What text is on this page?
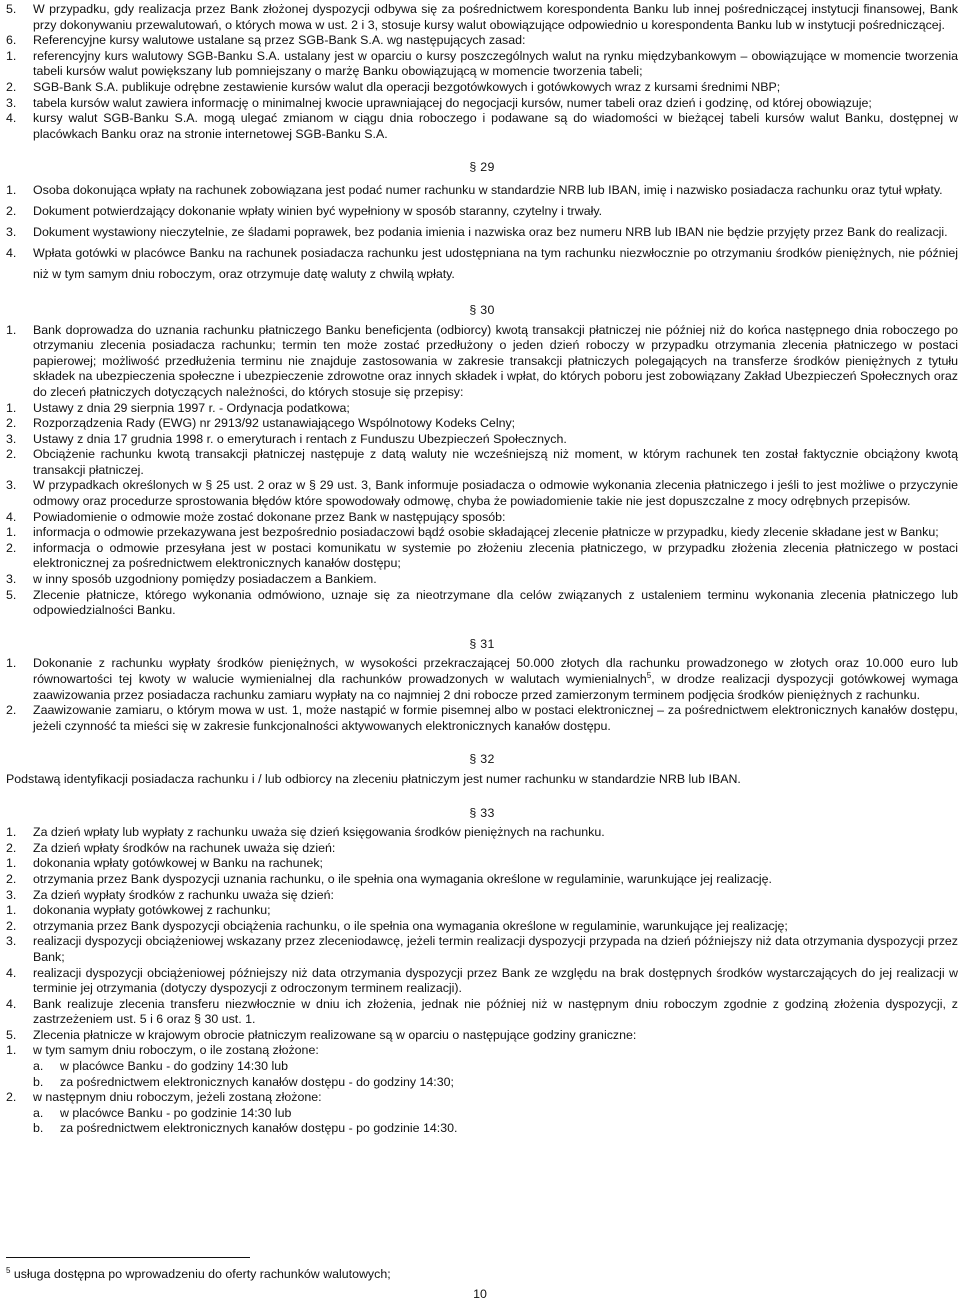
5.	W przypadku, gdy realizacja przez Bank złożonej dyspozycji odbywa się za pośrednictwem korespondenta Banku lub innej pośredniczącej instytucji finansowej, Bank przy dokonywaniu przewalutowań, o których mowa w ust. 2 i 3, stosuje kursy walut obowiązujące odpowiednio u korespondenta Banku lub w instytucji pośredniczącej.
6.	Referencyjne kursy walutowe ustalane są przez SGB-Bank S.A. wg następujących zasad:
1.	referencyjny kurs walutowy SGB-Banku S.A. ustalany jest w oparciu o kursy poszczególnych walut na rynku międzybankowym – obowiązujące w momencie tworzenia tabeli kursów walut powiększany lub pomniejszany o marżę Banku obowiązującą w momencie tworzenia tabeli;
2.	SGB-Bank S.A. publikuje odrębne zestawienie kursów walut dla operacji bezgotówkowych i gotówkowych wraz z kursami średnimi NBP;
3.	tabela kursów walut zawiera informację o minimalnej kwocie uprawniającej do negocjacji kursów, numer tabeli oraz dzień i godzinę, od której obowiązuje;
4.	kursy walut SGB-Banku S.A. mogą ulegać zmianom w ciągu dnia roboczego i podawane są do wiadomości w bieżącej tabeli kursów walut Banku, dostępnej w placówkach Banku oraz na stronie internetowej SGB-Banku S.A.
§ 29
1.	Osoba dokonująca wpłaty na rachunek zobowiązana jest podać numer rachunku w standardzie NRB lub IBAN, imię i nazwisko posiadacza rachunku oraz tytuł wpłaty.
2.	Dokument potwierdzający dokonanie wpłaty winien być wypełniony w sposób staranny, czytelny i trwały.
3.	Dokument wystawiony nieczytelnie, ze śladami poprawek, bez podania imienia i nazwiska oraz bez numeru NRB lub IBAN nie będzie przyjęty przez Bank do realizacji.
4.	Wpłata gotówki w placówce Banku na rachunek posiadacza rachunku jest udostępniana na tym rachunku niezwłocznie po otrzymaniu środków pieniężnych, nie później niż w tym samym dniu roboczym, oraz otrzymuje datę waluty z chwilą wpłaty.
§ 30
1.	Bank doprowadza do uznania rachunku płatniczego Banku beneficjenta (odbiorcy) kwotą transakcji płatniczej nie później niż do końca następnego dnia roboczego po otrzymaniu zlecenia posiadacza rachunku; termin ten może zostać przedłużony o jeden dzień roboczy w przypadku otrzymania zlecenia płatniczego w postaci papierowej; możliwość przedłużenia terminu nie znajduje zastosowania w zakresie transakcji płatniczych polegających na transferze środków pieniężnych z tytułu składek na ubezpieczenia społeczne i ubezpieczenie zdrowotne oraz innych składek i wpłat, do których poboru jest zobowiązany Zakład Ubezpieczeń Społecznych oraz do zleceń płatniczych dotyczących należności, do których stosuje się przepisy:
1.	Ustawy z dnia 29 sierpnia 1997 r. - Ordynacja podatkowa;
2.	Rozporządzenia Rady (EWG) nr 2913/92 ustanawiającego Wspólnotowy Kodeks Celny;
3.	Ustawy z dnia 17 grudnia 1998 r. o emeryturach i rentach z Funduszu Ubezpieczeń Społecznych.
2.	Obciążenie rachunku kwotą transakcji płatniczej następuje z datą waluty nie wcześniejszą niż moment, w którym rachunek ten został faktycznie obciążony kwotą transakcji płatniczej.
3.	W przypadkach określonych w § 25 ust. 2 oraz w § 29 ust. 3, Bank informuje posiadacza o odmowie wykonania zlecenia płatniczego i jeśli to jest możliwe o przyczynie odmowy oraz procedurze sprostowania błędów które spowodowały odmowę, chyba że powiadomienie takie nie jest dopuszczalne z mocy odrębnych przepisów.
4.	Powiadomienie o odmowie może zostać dokonane przez Bank w następujący sposób:
1.	informacja o odmowie przekazywana jest bezpośrednio posiadaczowi bądź osobie składającej zlecenie płatnicze w przypadku, kiedy zlecenie składane jest w Banku;
2.	informacja o odmowie przesyłana jest w postaci komunikatu w systemie po złożeniu zlecenia płatniczego, w przypadku złożenia zlecenia płatniczego w postaci elektronicznej za pośrednictwem elektronicznych kanałów dostępu;
3.	w inny sposób uzgodniony pomiędzy posiadaczem a Bankiem.
5.	Zlecenie płatnicze, którego wykonania odmówiono, uznaje się za nieotrzymane dla celów związanych z ustaleniem terminu wykonania zlecenia płatniczego lub odpowiedzialności Banku.
§ 31
1.	Dokonanie z rachunku wypłaty środków pieniężnych, w wysokości przekraczającej 50.000 złotych dla rachunku prowadzonego w złotych oraz 10.000 euro lub równowartości tej kwoty w walucie wymienialnej dla rachunków prowadzonych w walutach wymienialnych$^5$, w drodze realizacji dyspozycji gotówkowej wymaga zaawizowania przez posiadacza rachunku zamiaru wypłaty na co najmniej 2 dni robocze przed zamierzonym terminem podjęcia środków pieniężnych z rachunku.
2.	Zaawizowanie zamiaru, o którym mowa w ust. 1, może nastąpić w formie pisemnej albo w postaci elektronicznej – za pośrednictwem elektronicznych kanałów dostępu, jeżeli czynność ta mieści się w zakresie funkcjonalności aktywowanych elektronicznych kanałów dostępu.
§ 32
Podstawą identyfikacji posiadacza rachunku i / lub odbiorcy na zleceniu płatniczym jest numer rachunku w standardzie NRB lub IBAN.
§ 33
1.	Za dzień wpłaty lub wypłaty z rachunku uważa się dzień księgowania środków pieniężnych na rachunku.
2.	Za dzień wpłaty środków na rachunek uważa się dzień:
1.	dokonania wpłaty gotówkowej w Banku na rachunek;
2.	otrzymania przez Bank dyspozycji uznania rachunku, o ile spełnia ona wymagania określone w regulaminie, warunkujące jej realizację.
3.	Za dzień wypłaty środków z rachunku uważa się dzień:
1.	dokonania wypłaty gotówkowej z rachunku;
2.	otrzymania przez Bank dyspozycji obciążenia rachunku, o ile spełnia ona wymagania określone w regulaminie, warunkujące jej realizację;
3.	realizacji dyspozycji obciążeniowej wskazany przez zleceniodawcę, jeżeli termin realizacji dyspozycji przypada na dzień późniejszy niż data otrzymania dyspozycji przez Bank;
4.	realizacji dyspozycji obciążeniowej późniejszy niż data otrzymania dyspozycji przez Bank ze względu na brak dostępnych środków wystarczających do jej realizacji w terminie jej otrzymania (dotyczy dyspozycji z odroczonym terminem realizacji).
4.	Bank realizuje zlecenia transferu niezwłocznie w dniu ich złożenia, jednak nie później niż w następnym dniu roboczym zgodnie z godziną złożenia dyspozycji, z zastrzeżeniem ust. 5 i 6 oraz § 30 ust. 1.
5.	Zlecenia płatnicze w krajowym obrocie płatniczym realizowane są w oparciu o następujące godziny graniczne:
1.	w tym samym dniu roboczym, o ile zostaną złożone:
a.	w placówce Banku - do godziny 14:30 lub
b.	za pośrednictwem elektronicznych kanałów dostępu - do godziny 14:30;
2.	w następnym dniu roboczym, jeżeli zostaną złożone:
a.	w placówce Banku - po godzinie 14:30 lub
b.	za pośrednictwem elektronicznych kanałów dostępu - po godzinie 14:30.
$^5$ usługa dostępna po wprowadzeniu do oferty rachunków walutowych;
10
